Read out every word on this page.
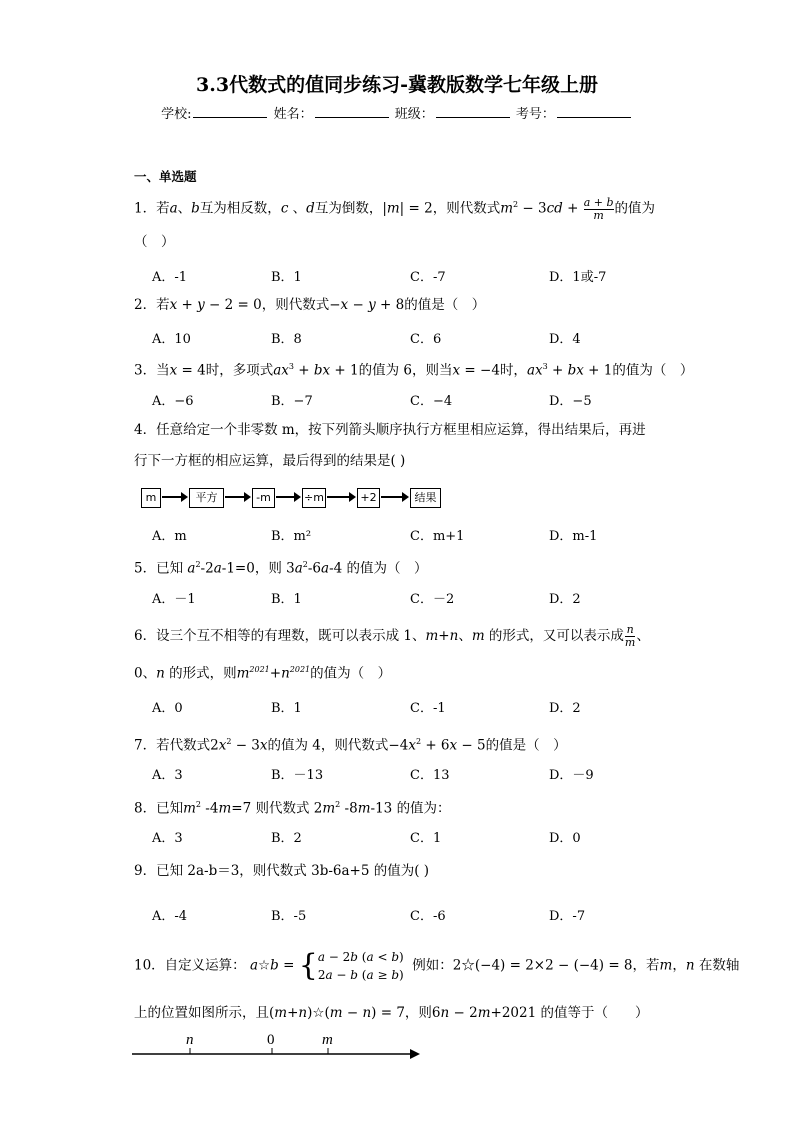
3.3代数式的值同步练习-冀教版数学七年级上册
学校:	姓名：	班级：	考号：
一、单选题
1．若a、b互为相反数，c 、d互为倒数，|m| = 2，则代数式$m^2 - 3cd + \frac{a + b}{m}$ 的值为
（　）
A．-1	B．1	C．-7	D．1或-7
2．若x + y − 2 = 0，则代数式−x − y + 8的值是（　）
A．10	B．8	C．6	D．4
3．当x = 4时，多项式$ax^3$ + bx + 1的值为 6，则当x = −4时，$ax^3$ + bx + 1的值为（　）
A．−6	B．−7	C．−4	D．−5
4．任意给定一个非零数 m，按下列箭头顺序执行方框里相应运算，得出结果后，再进
行下一方框的相应运算，最后得到的结果是( )
m	平方	-m	÷m	+2	结果
A．m	B．m²	C．m+1	D．m-1
5．已知 $a^2-2a-1=0$，则 $3a^2-6a-4$ 的值为（　）
A．－1	B．1	C．－2	D．2
6．设三个互不相等的有理数，既可以表示成 1、m+n、m 的形式，又可以表示成 $\frac{n}{m}$ 、
0、n 的形式，则$m^{2021}+n^{2021}$的值为（　）
A．0	B．1	C．-1	D．2
7．若代数式$2x^2 - 3x$的值为 4，则代数式$-4x^2 + 6x - 5$的值是（　）
A．3	B．－13	C．13	D．－9
8．已知$m^2$ -4m=7 则代数式 $2m^2$ -8m-13 的值为：
A．3	B．2	C．1	D．0
9．已知 2a-b＝3，则代数式 3b-6a+5 的值为( )
A．-4	B．-5	C．-6	D．-7
10．自定义运算： a☆b = {a − 2b (a < b)
2a − b (a ≥ b)  例如：2☆(−4) = 2×2 − (−4) = 8，若m，n 在数轴
上的位置如图所示，且(m+n)☆(m − n) = 7，则6n − 2m+2021 的值等于（　　）
n	0	m
